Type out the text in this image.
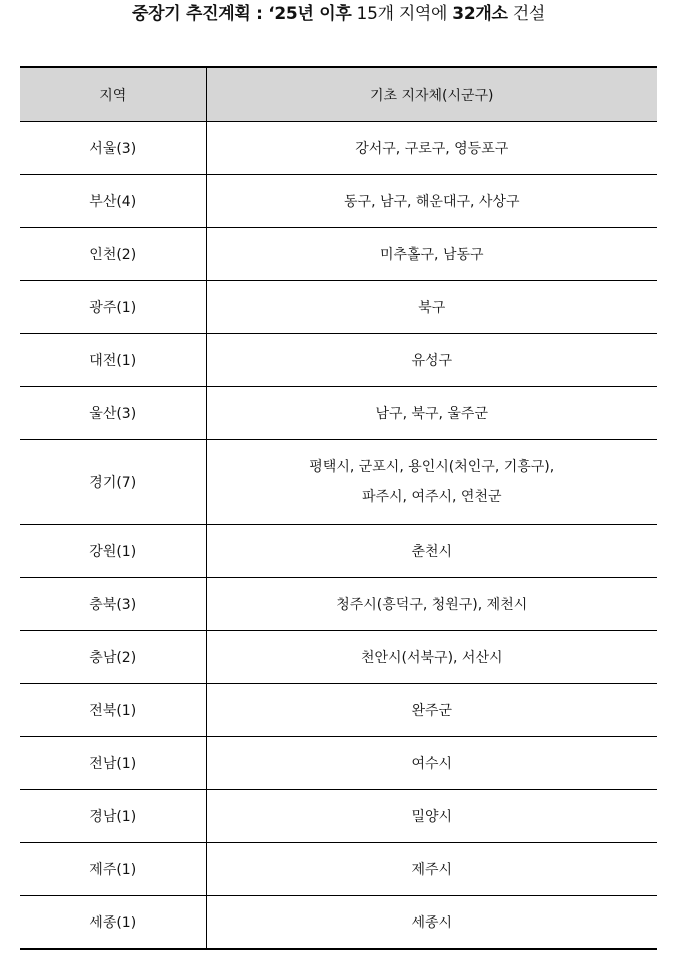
중장기 추진계획 : ‘25년 이후 15개 지역에 32개소 건설
지역	기초 지자체(시군구)
서울(3)	강서구, 구로구, 영등포구
부산(4)	동구, 남구, 해운대구, 사상구
인천(2)	미추홀구, 남동구
광주(1)	북구
대전(1)	유성구
울산(3)	남구, 북구, 울주군
경기(7)	평택시, 군포시, 용인시(처인구, 기흥구),
파주시, 여주시, 연천군

강원(1)	춘천시
충북(3)	청주시(흥덕구, 청원구), 제천시
충남(2)	천안시(서북구), 서산시
전북(1)	완주군
전남(1)	여수시
경남(1)	밀양시
제주(1)	제주시
세종(1)	세종시
